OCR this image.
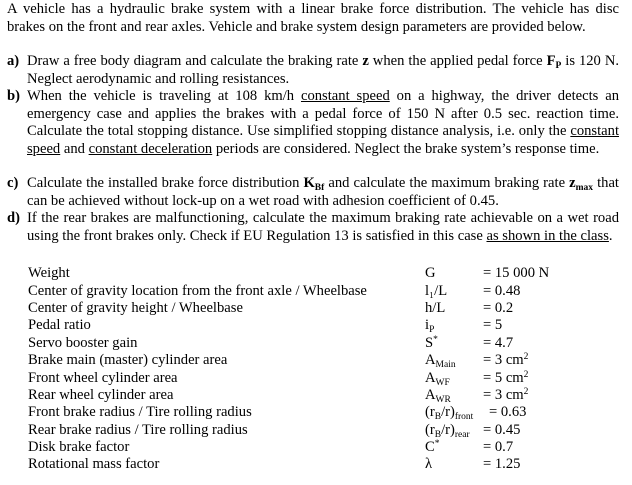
A vehicle has a hydraulic brake system with a linear brake force distribution. The vehicle has disc brakes on the front and rear axles. Vehicle and brake system design parameters are provided below.
a) Draw a free body diagram and calculate the braking rate z when the applied pedal force $F_P$ is 120 N. Neglect aerodynamic and rolling resistances.
b) When the vehicle is traveling at 108 km/h constant speed on a highway, the driver detects an emergency case and applies the brakes with a pedal force of 150 N after 0.5 sec. reaction time. Calculate the total stopping distance. Use simplified stopping distance analysis, i.e. only the constant speed and constant deceleration periods are considered. Neglect the brake system’s response time.
c) Calculate the installed brake force distribution $K_{Bf}$ and calculate the maximum braking rate $z_{max}$ that can be achieved without lock-up on a wet road with adhesion coefficient of 0.45.
d) If the rear brakes are malfunctioning, calculate the maximum braking rate achievable on a wet road using the front brakes only. Check if EU Regulation 13 is satisfied in this case as shown in the class.
Weight	G	= 15 000 N
Center of gravity location from the front axle / Wheelbase	l₁/L = 0.48
Center of gravity height / Wheelbase	h/L	= 0.2
Pedal ratio	$i_P$	= 5
Servo booster gain	S*	= 4.7
Brake main (master) cylinder area	$A_{Main} = 3$ $cm^2$
Front wheel cylinder area	$A_{WF} = 5$ $cm^2$
Rear wheel cylinder area	$A_{WR} = 3$ $cm^2$
Front brake radius / Tire rolling radius	$(r_B/r)_{front} = 0.63$
Rear brake radius / Tire rolling radius	$(r_B/r)_{rear} = 0.45$
Disk brake factor	C*	= 0.7
Rotational mass factor	λ	= 1.25
